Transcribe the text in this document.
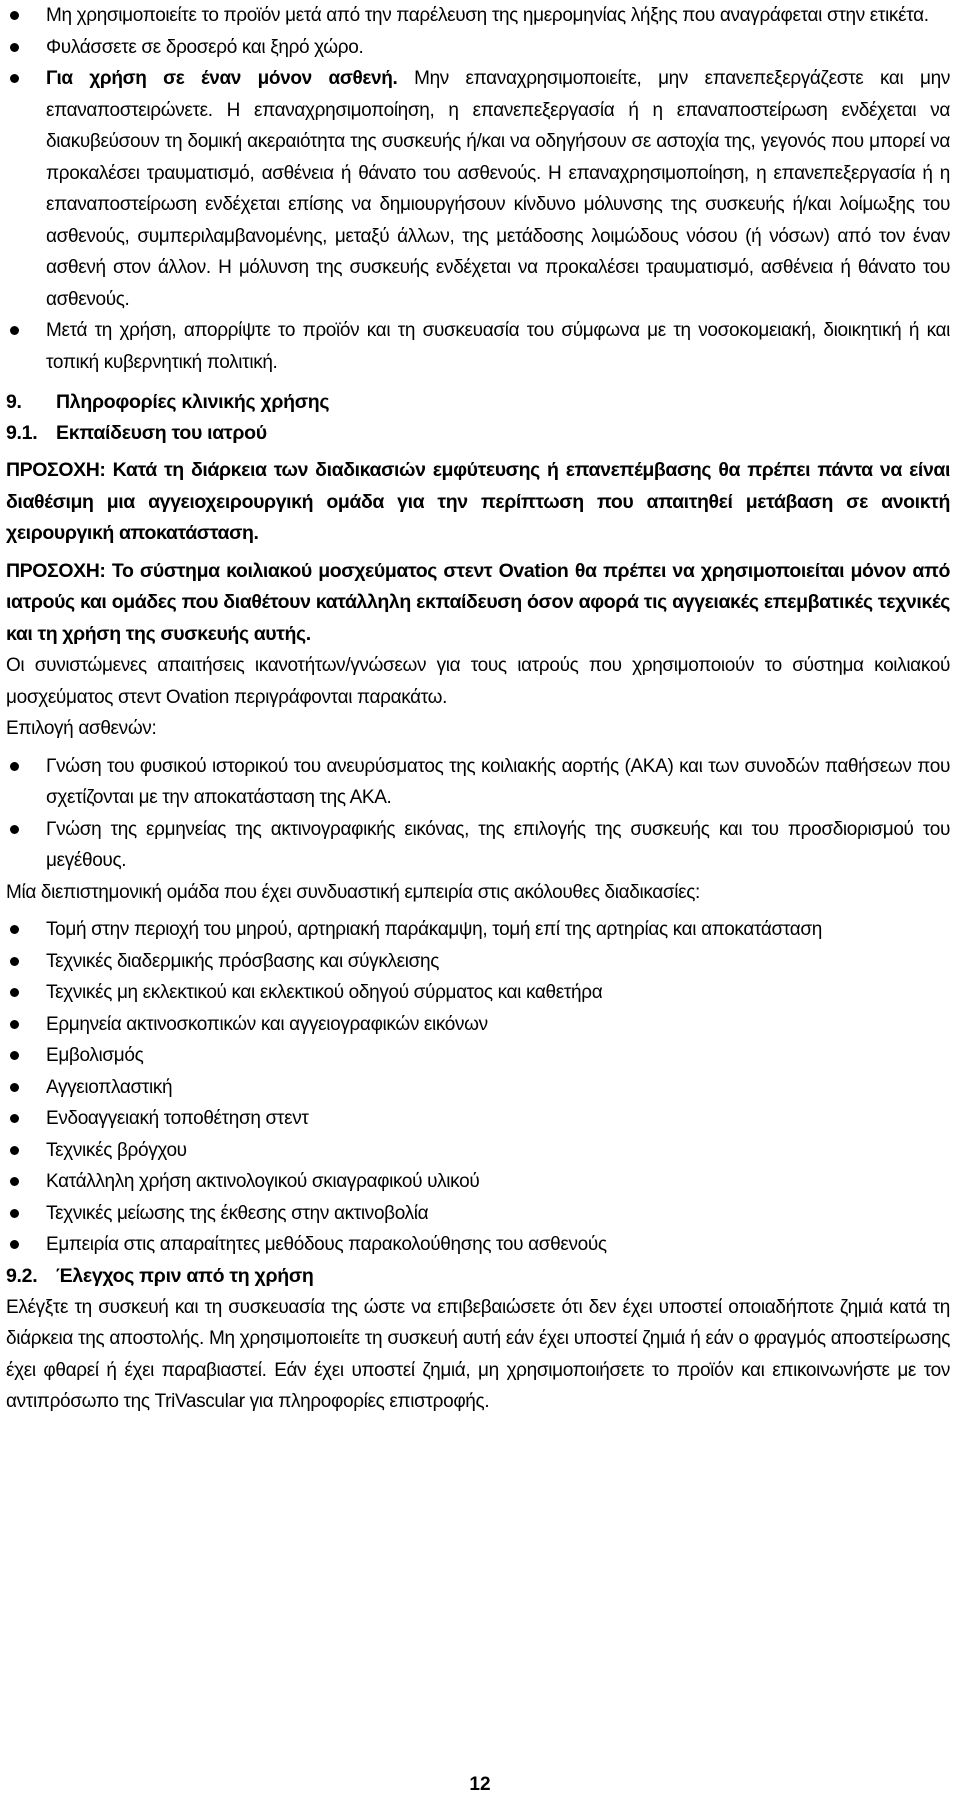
Μη χρησιμοποιείτε το προϊόν μετά από την παρέλευση της ημερομηνίας λήξης που αναγράφεται στην ετικέτα.
Φυλάσσετε σε δροσερό και ξηρό χώρο.
Για χρήση σε έναν μόνον ασθενή. Μην επαναχρησιμοποιείτε, μην επανεπεξεργάζεστε και μην επαναποστειρώνετε. Η επαναχρησιμοποίηση, η επανεπεξεργασία ή η επαναποστείρωση ενδέχεται να διακυβεύσουν τη δομική ακεραιότητα της συσκευής ή/και να οδηγήσουν σε αστοχία της, γεγονός που μπορεί να προκαλέσει τραυματισμό, ασθένεια ή θάνατο του ασθενούς. Η επαναχρησιμοποίηση, η επανεπεξεργασία ή η επαναποστείρωση ενδέχεται επίσης να δημιουργήσουν κίνδυνο μόλυνσης της συσκευής ή/και λοίμωξης του ασθενούς, συμπεριλαμβανομένης, μεταξύ άλλων, της μετάδοσης λοιμώδους νόσου (ή νόσων) από τον έναν ασθενή στον άλλον. Η μόλυνση της συσκευής ενδέχεται να προκαλέσει τραυματισμό, ασθένεια ή θάνατο του ασθενούς.
Μετά τη χρήση, απορρίψτε το προϊόν και τη συσκευασία του σύμφωνα με τη νοσοκομειακή, διοικητική ή και τοπική κυβερνητική πολιτική.
9. Πληροφορίες κλινικής χρήσης
9.1. Εκπαίδευση του ιατρού

ΠΡΟΣΟΧΗ: Κατά τη διάρκεια των διαδικασιών εμφύτευσης ή επανεπέμβασης θα πρέπει πάντα να είναι διαθέσιμη μια αγγειοχειρουργική ομάδα για την περίπτωση που απαιτηθεί μετάβαση σε ανοικτή χειρουργική αποκατάσταση.

ΠΡΟΣΟΧΗ: Το σύστημα κοιλιακού μοσχεύματος στεντ Ovation θα πρέπει να χρησιμοποιείται μόνον από ιατρούς και ομάδες που διαθέτουν κατάλληλη εκπαίδευση όσον αφορά τις αγγειακές επεμβατικές τεχνικές και τη χρήση της συσκευής αυτής.

Οι συνιστώμενες απαιτήσεις ικανοτήτων/γνώσεων για τους ιατρούς που χρησιμοποιούν το σύστημα κοιλιακού μοσχεύματος στεντ Ovation περιγράφονται παρακάτω.

Επιλογή ασθενών:

Γνώση του φυσικού ιστορικού του ανευρύσματος της κοιλιακής αορτής (ΑΚΑ) και των συνοδών παθήσεων που σχετίζονται με την αποκατάσταση της ΑΚΑ.
Γνώση της ερμηνείας της ακτινογραφικής εικόνας, της επιλογής της συσκευής και του προσδιορισμού του μεγέθους.

Μία διεπιστημονική ομάδα που έχει συνδυαστική εμπειρία στις ακόλουθες διαδικασίες:

Τομή στην περιοχή του μηρού, αρτηριακή παράκαμψη, τομή επί της αρτηρίας και αποκατάσταση
Τεχνικές διαδερμικής πρόσβασης και σύγκλεισης
Τεχνικές μη εκλεκτικού και εκλεκτικού οδηγού σύρματος και καθετήρα
Ερμηνεία ακτινοσκοπικών και αγγειογραφικών εικόνων
Εμβολισμός
Αγγειοπλαστική
Ενδοαγγειακή τοποθέτηση στεντ
Τεχνικές βρόγχου
Κατάλληλη χρήση ακτινολογικού σκιαγραφικού υλικού
Τεχνικές μείωσης της έκθεσης στην ακτινοβολία
Εμπειρία στις απαραίτητες μεθόδους παρακολούθησης του ασθενούς
9.2. Έλεγχος πριν από τη χρήση

Ελέγξτε τη συσκευή και τη συσκευασία της ώστε να επιβεβαιώσετε ότι δεν έχει υποστεί οποιαδήποτε ζημιά κατά τη διάρκεια της αποστολής. Μη χρησιμοποιείτε τη συσκευή αυτή εάν έχει υποστεί ζημιά ή εάν ο φραγμός αποστείρωσης έχει φθαρεί ή έχει παραβιαστεί. Εάν έχει υποστεί ζημιά, μη χρησιμοποιήσετε το προϊόν και επικοινωνήστε με τον αντιπρόσωπο της TriVascular για πληροφορίες επιστροφής.

12
